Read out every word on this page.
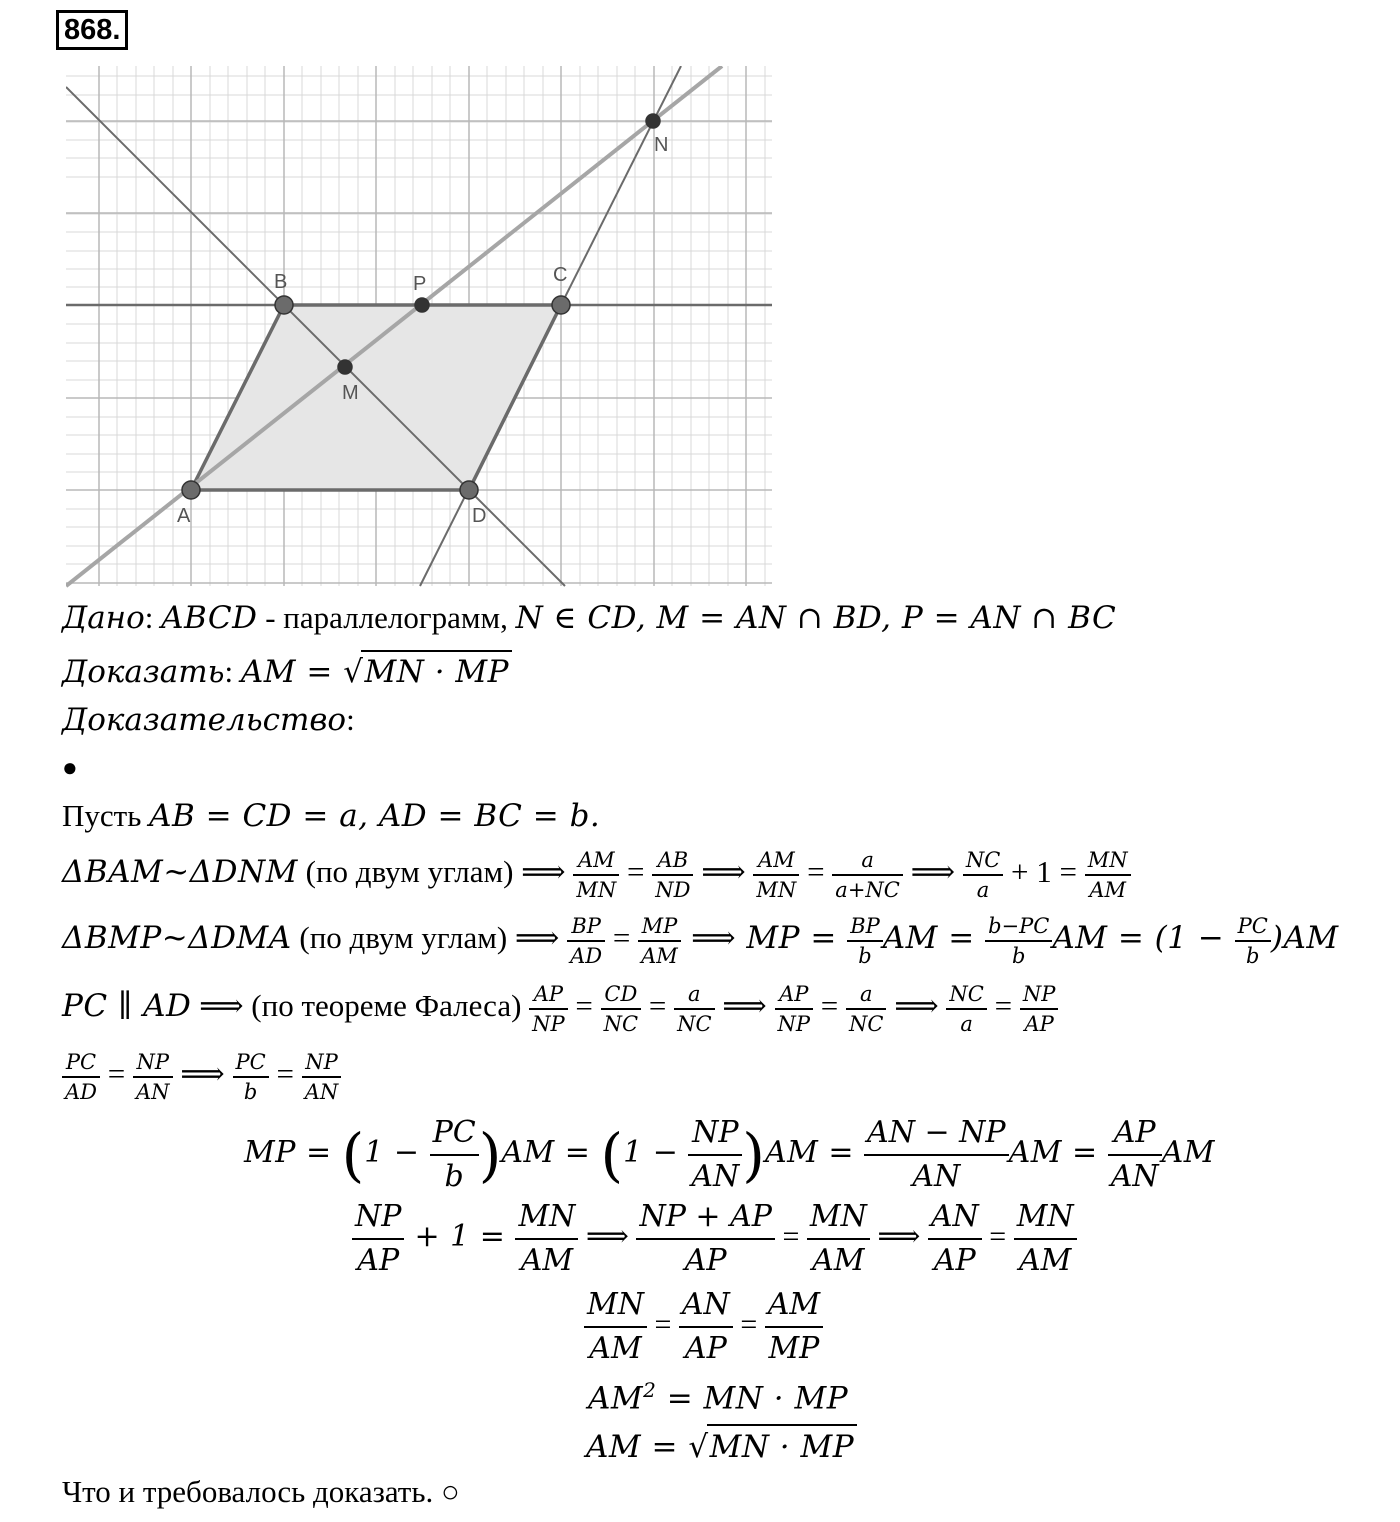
868.
A
B	C
D
M
P
N
Дано: ABCD - параллелограмм, N ∈ CD, M = AN ∩ BD, P = AN ∩ BC
Доказать: AM = √MN · MP
Доказательство:
●
Пусть AB = CD = a, AD = BC = b.
ΔBAM~ΔDNM (по двум углам) ⟹ $\frac{AM}{MN} = \frac{AB}{ND}$ ⟹ $\frac{AM}{MN} = \frac{a}{a+NC}$ ⟹ $\frac{NC}{a} + 1 = \frac{MN}{AM}$
ΔBMP~ΔDMA (по двум углам) ⟹ $\frac{BP}{AD} = \frac{MP}{AM}$ ⟹ MP = $\frac{BP}{b}$ AM = $\frac{b-PC}{b}$ AM = $(1 - \frac{PC}{b} )AM$
PC ∥ AD ⟹ (по теореме Фалеса) $\frac{AP}{NP} = \frac{CD}{NC} = \frac{a}{NC}$ ⟹ $\frac{AP}{NP} = \frac{a}{NC}$ ⟹ $\frac{NC}{a} = \frac{NP}{AP}$
$\frac{PC}{AD} = \frac{NP}{AN}$ ⟹ $\frac{PC}{b} = \frac{NP}{AN}$
MP = $(1 - \frac{PC}{b} )AM = (1 - \frac{NP}{AN} )AM = \frac{AN - NP}{AN}$ AM = $\frac{AP}{AN}$ AM
$\frac{NP}{AP} + 1 = \frac{MN}{AM}$ ⟹ $\frac{NP + AP}{AP} = \frac{MN}{AM}$ ⟹ $\frac{AN}{AP} = \frac{MN}{AM}$
$\frac{MN}{AM} = \frac{AN}{AP} = \frac{AM}{MP}$
$AM^2$ = MN · MP
AM = √MN · MP
Что и требовалось доказать. ○
